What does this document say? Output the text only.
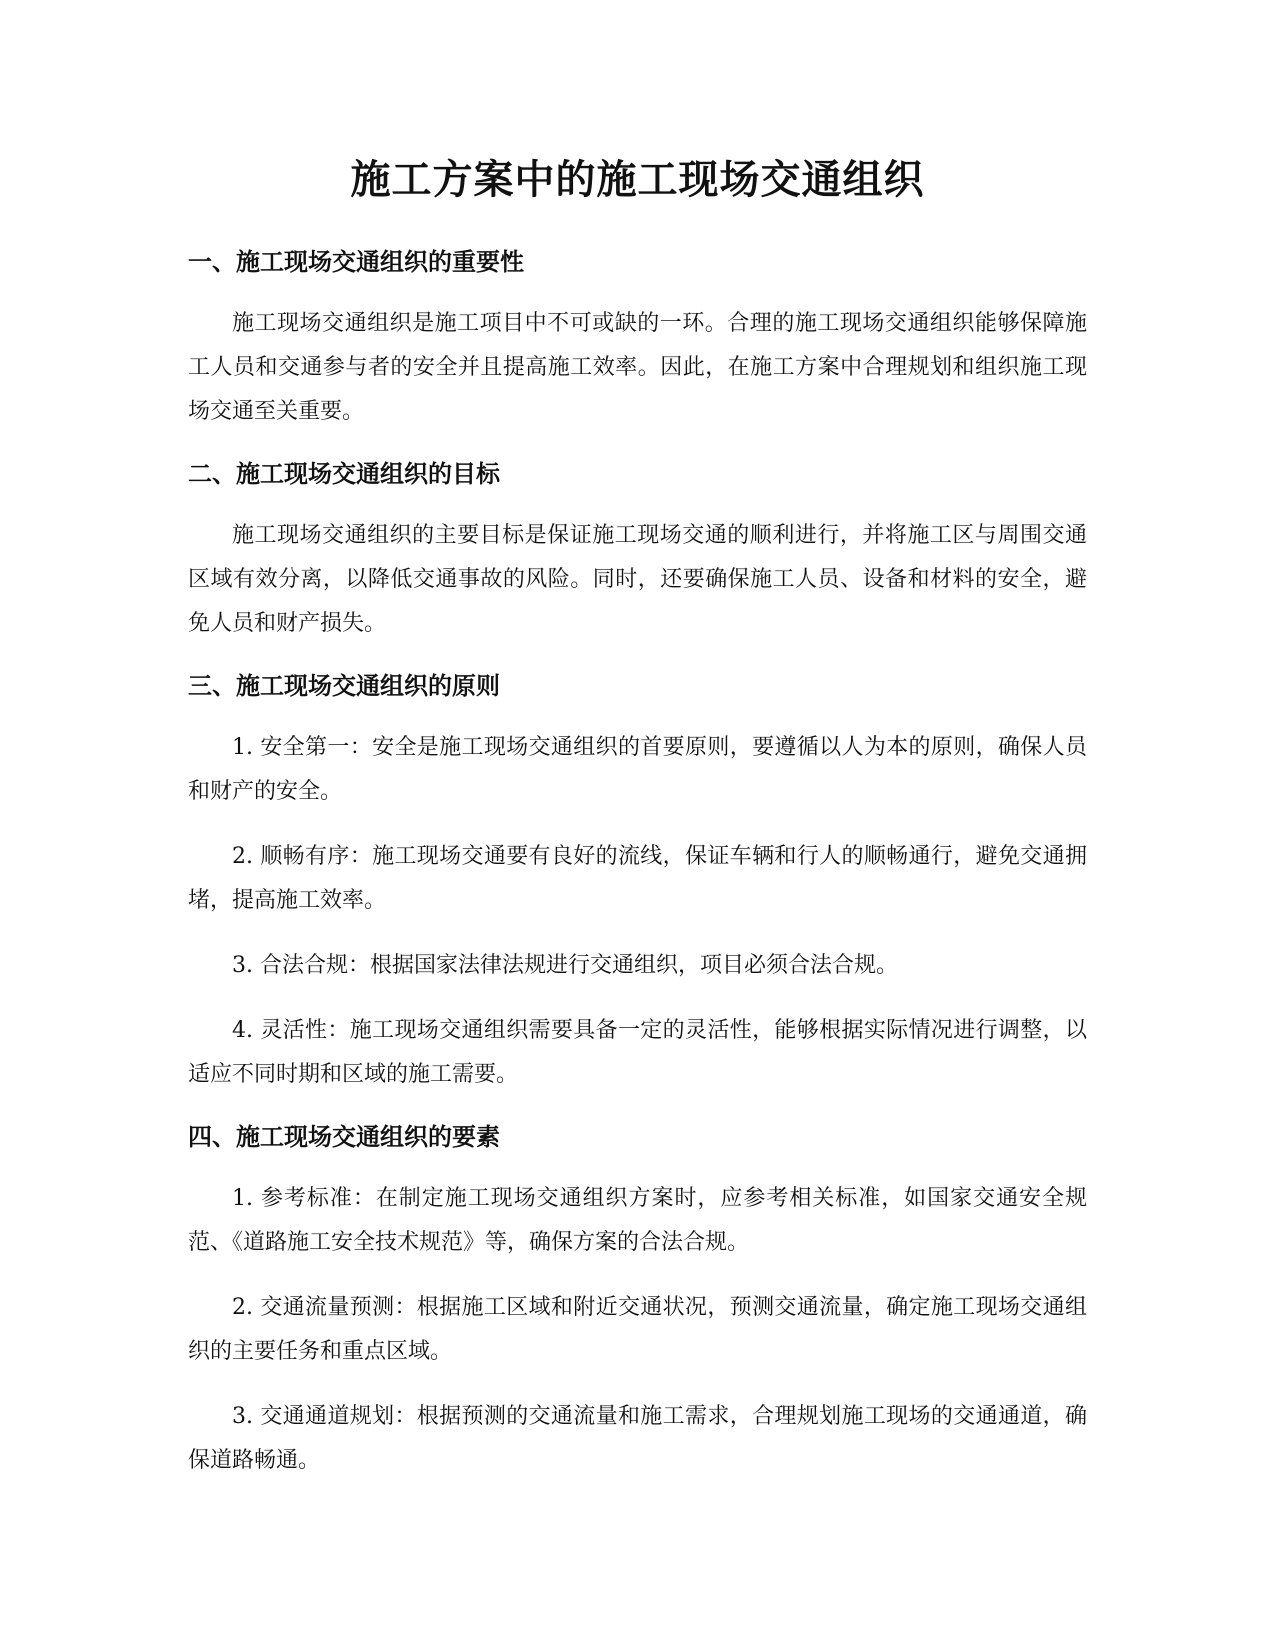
施工方案中的施工现场交通组织
一、施工现场交通组织的重要性

施工现场交通组织是施工项目中不可或缺的一环。合理的施工现场交通组织能够保障施工人员和交通参与者的安全并且提高施工效率。因此，在施工方案中合理规划和组织施工现场交通至关重要。

二、施工现场交通组织的目标

施工现场交通组织的主要目标是保证施工现场交通的顺利进行，并将施工区与周围交通区域有效分离，以降低交通事故的风险。同时，还要确保施工人员、设备和材料的安全，避免人员和财产损失。

三、施工现场交通组织的原则

1. 安全第一：安全是施工现场交通组织的首要原则，要遵循以人为本的原则，确保人员和财产的安全。

2. 顺畅有序：施工现场交通要有良好的流线，保证车辆和行人的顺畅通行，避免交通拥堵，提高施工效率。

3. 合法合规：根据国家法律法规进行交通组织，项目必须合法合规。

4. 灵活性：施工现场交通组织需要具备一定的灵活性，能够根据实际情况进行调整，以适应不同时期和区域的施工需要。

四、施工现场交通组织的要素

1. 参考标准：在制定施工现场交通组织方案时，应参考相关标准，如国家交通安全规范、《道路施工安全技术规范》等，确保方案的合法合规。

2. 交通流量预测：根据施工区域和附近交通状况，预测交通流量，确定施工现场交通组织的主要任务和重点区域。

3. 交通通道规划：根据预测的交通流量和施工需求，合理规划施工现场的交通通道，确保道路畅通。
